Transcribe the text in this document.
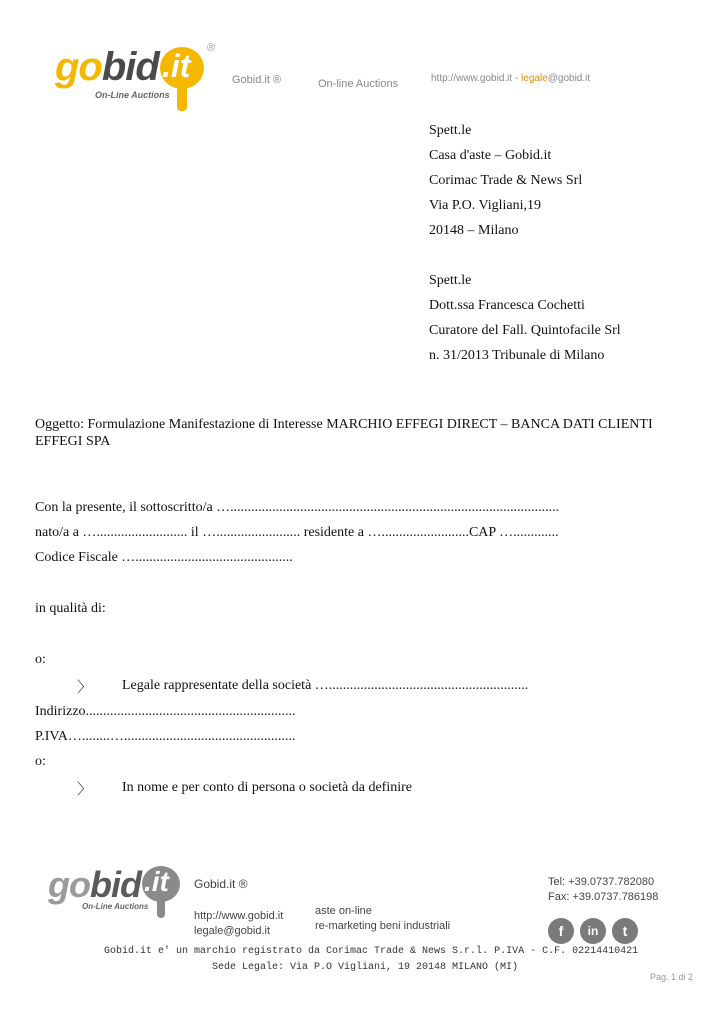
gobid .it
On-Line Auctions
®
Gobid.it ®	On-line Auctions	http://www.gobid.it - legale@gobid.it
Spett.le
Casa d'aste – Gobid.it
Corimac Trade & News Srl
Via P.O. Vigliani,19
20148 – Milano
Spett.le
Dott.ssa Francesca Cochetti
Curatore del Fall. Quintofacile Srl
n. 31/2013 Tribunale di Milano
Oggetto: Formulazione Manifestazione di Interesse MARCHIO EFFEGI DIRECT – BANCA DATI CLIENTI EFFEGI SPA
Con la presente, il sottoscritto/a …..............................................................................................
nato/a a ….......................... il …........................ residente a ….........................CAP ….............
Codice Fiscale ….............................................
in qualità di:
o:
〉 Legale rappresentate della società ….........................................................
Indirizzo............................................................
P.IVA…........….................................................
o:
〉 In nome e per conto di persona o società da definire
gobid .it
On-Line Auctions
Gobid.it ®
http://www.gobid.it
legale@gobid.it
aste on-line
re-marketing beni industriali
Tel: +39.0737.782080
Fax: +39.0737.786198
f	in	t
Gobid.it e' un marchio registrato da Corimac Trade & News S.r.l. P.IVA - C.F. 02214410421
Sede Legale: Via P.O Vigliani, 19 20148 MILANO (MI)
Pag. 1 di 2
